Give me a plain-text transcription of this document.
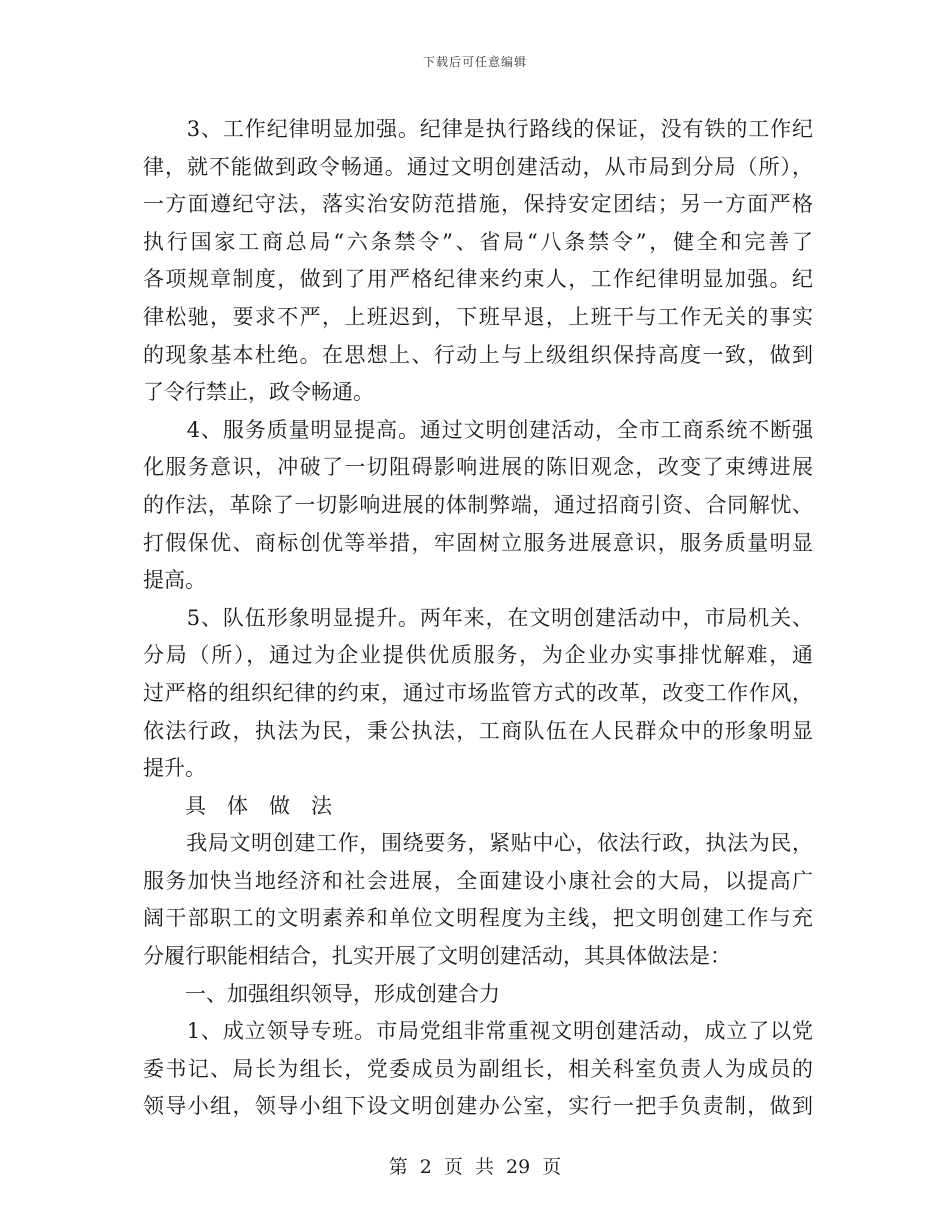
下载后可任意编辑
　　3、工作纪律明显加强。纪律是执行路线的保证，没有铁的工作纪
律，就不能做到政令畅通。通过文明创建活动，从市局到分局（所），
一方面遵纪守法，落实治安防范措施，保持安定团结；另一方面严格
执行国家工商总局“六条禁令”、省局“八条禁令”，健全和完善了
各项规章制度，做到了用严格纪律来约束人，工作纪律明显加强。纪
律松驰，要求不严，上班迟到，下班早退，上班干与工作无关的事实
的现象基本杜绝。在思想上、行动上与上级组织保持高度一致，做到
了令行禁止，政令畅通。
　　4、服务质量明显提高。通过文明创建活动，全市工商系统不断强
化服务意识，冲破了一切阻碍影响进展的陈旧观念，改变了束缚进展
的作法，革除了一切影响进展的体制弊端，通过招商引资、合同解忧、
打假保优、商标创优等举措，牢固树立服务进展意识，服务质量明显
提高。
　　5、队伍形象明显提升。两年来，在文明创建活动中，市局机关、
分局（所），通过为企业提供优质服务，为企业办实事排忧解难，通
过严格的组织纪律的约束，通过市场监管方式的改革，改变工作作风，
依法行政，执法为民，秉公执法，工商队伍在人民群众中的形象明显
提升。
　　具　体　做　法
　　我局文明创建工作，围绕要务，紧贴中心，依法行政，执法为民，
服务加快当地经济和社会进展，全面建设小康社会的大局，以提高广
阔干部职工的文明素养和单位文明程度为主线，把文明创建工作与充
分履行职能相结合，扎实开展了文明创建活动，其具体做法是：
　　一、加强组织领导，形成创建合力
　　1、成立领导专班。市局党组非常重视文明创建活动，成立了以党
委书记、局长为组长，党委成员为副组长，相关科室负责人为成员的
领导小组，领导小组下设文明创建办公室，实行一把手负责制，做到
第 2 页 共 29 页
